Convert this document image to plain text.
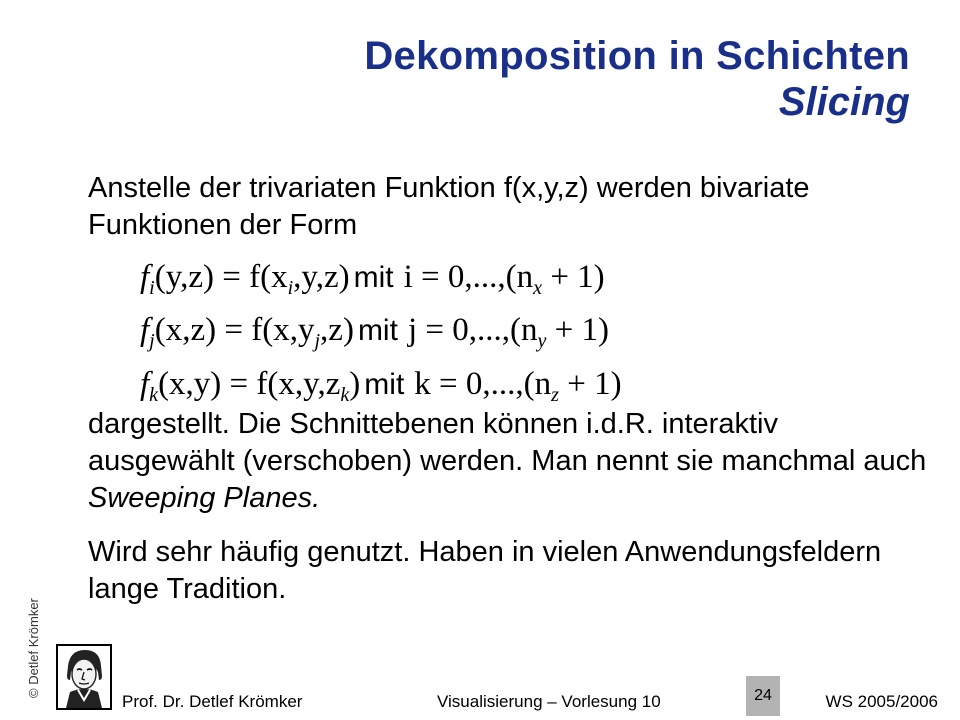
Dekomposition in Schichten
Slicing

Anstelle der trivariaten Funktion f(x,y,z) werden bivariate Funktionen der Form

$f_i(y,z) = f(x_i,y,z)$ mit $i = 0,...,(n_x + 1)$
$f_j(x,z) = f(x,y_j,z)$ mit $j = 0,...,(n_y + 1)$
$f_k(x,y) = f(x,y,z_k)$ mit $k = 0,...,(n_z + 1)$

dargestellt. Die Schnittebenen können i.d.R. interaktiv ausgewählt (verschoben) werden. Man nennt sie manchmal auch Sweeping Planes.

Wird sehr häufig genutzt. Haben in vielen Anwendungsfeldern lange Tradition.

© Detlef Krömker
Prof. Dr. Detlef Krömker	Visualisierung – Vorlesung 10	24	WS 2005/2006
